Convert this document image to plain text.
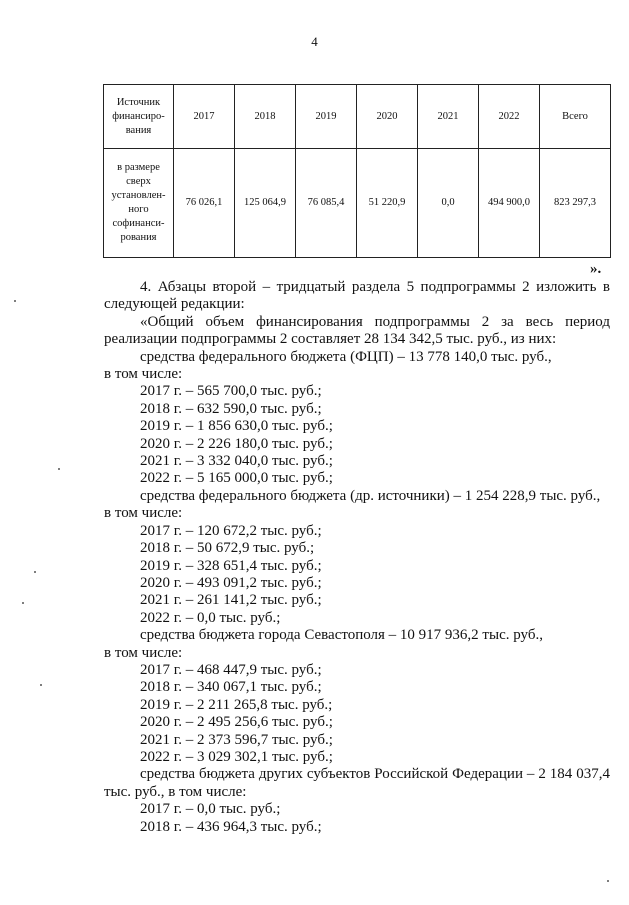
4
Источник финансиро-вания	2017	2018	2019	2020	2021	2022	Всего
в размере сверх установлен-ного софинанси-рования	76 026,1	125 064,9	76 085,4	51 220,9	0,0	494 900,0	823 297,3
».

4. Абзацы второй – тридцатый раздела 5 подпрограммы 2 изложить в следующей редакции:

«Общий объем финансирования подпрограммы 2 за весь период реализации подпрограммы 2 составляет 28 134 342,5 тыс. руб., из них:

средства федерального бюджета (ФЦП) – 13 778 140,0 тыс. руб.,

в том числе:

2017 г. – 565 700,0 тыс. руб.;

2018 г. – 632 590,0 тыс. руб.;

2019 г. – 1 856 630,0 тыс. руб.;

2020 г. – 2 226 180,0 тыс. руб.;

2021 г. – 3 332 040,0 тыс. руб.;

2022 г. – 5 165 000,0 тыс. руб.;

средства федерального бюджета (др. источники) – 1 254 228,9 тыс. руб.,

в том числе:

2017 г. – 120 672,2 тыс. руб.;

2018 г. – 50 672,9 тыс. руб.;

2019 г. – 328 651,4 тыс. руб.;

2020 г. – 493 091,2 тыс. руб.;

2021 г. – 261 141,2 тыс. руб.;

2022 г. – 0,0 тыс. руб.;

средства бюджета города Севастополя – 10 917 936,2 тыс. руб.,

в том числе:

2017 г. – 468 447,9 тыс. руб.;

2018 г. – 340 067,1 тыс. руб.;

2019 г. – 2 211 265,8 тыс. руб.;

2020 г. – 2 495 256,6 тыс. руб.;

2021 г. – 2 373 596,7 тыс. руб.;

2022 г. – 3 029 302,1 тыс. руб.;

средства бюджета других субъектов Российской Федерации – 2 184 037,4 тыс. руб., в том числе:

2017 г. – 0,0 тыс. руб.;

2018 г. – 436 964,3 тыс. руб.;
